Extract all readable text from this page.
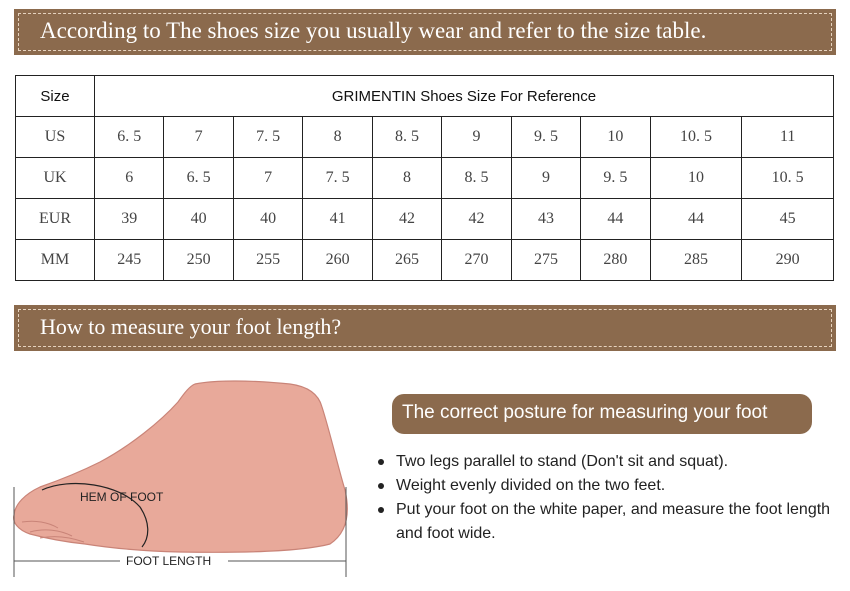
According to The shoes size you usually wear and refer to the size table.
Size	GRIMENTIN Shoes Size For Reference									
US	6. 5	7	7. 5	8	8. 5	9	9. 5	10	10. 5	11
UK	6	6. 5	7	7. 5	8	8. 5	9	9. 5	10	10. 5
EUR	39	40	40	41	42	42	43	44	44	45
MM	245	250	255	260	265	270	275	280	285	290
How to measure your foot length?
HEM OF FOOT
FOOT LENGTH
The correct posture for measuring your foot
Two legs parallel to stand (Don't sit and squat).
Weight evenly divided on the two feet.
Put your foot on the white paper, and measure the foot length and foot wide.
